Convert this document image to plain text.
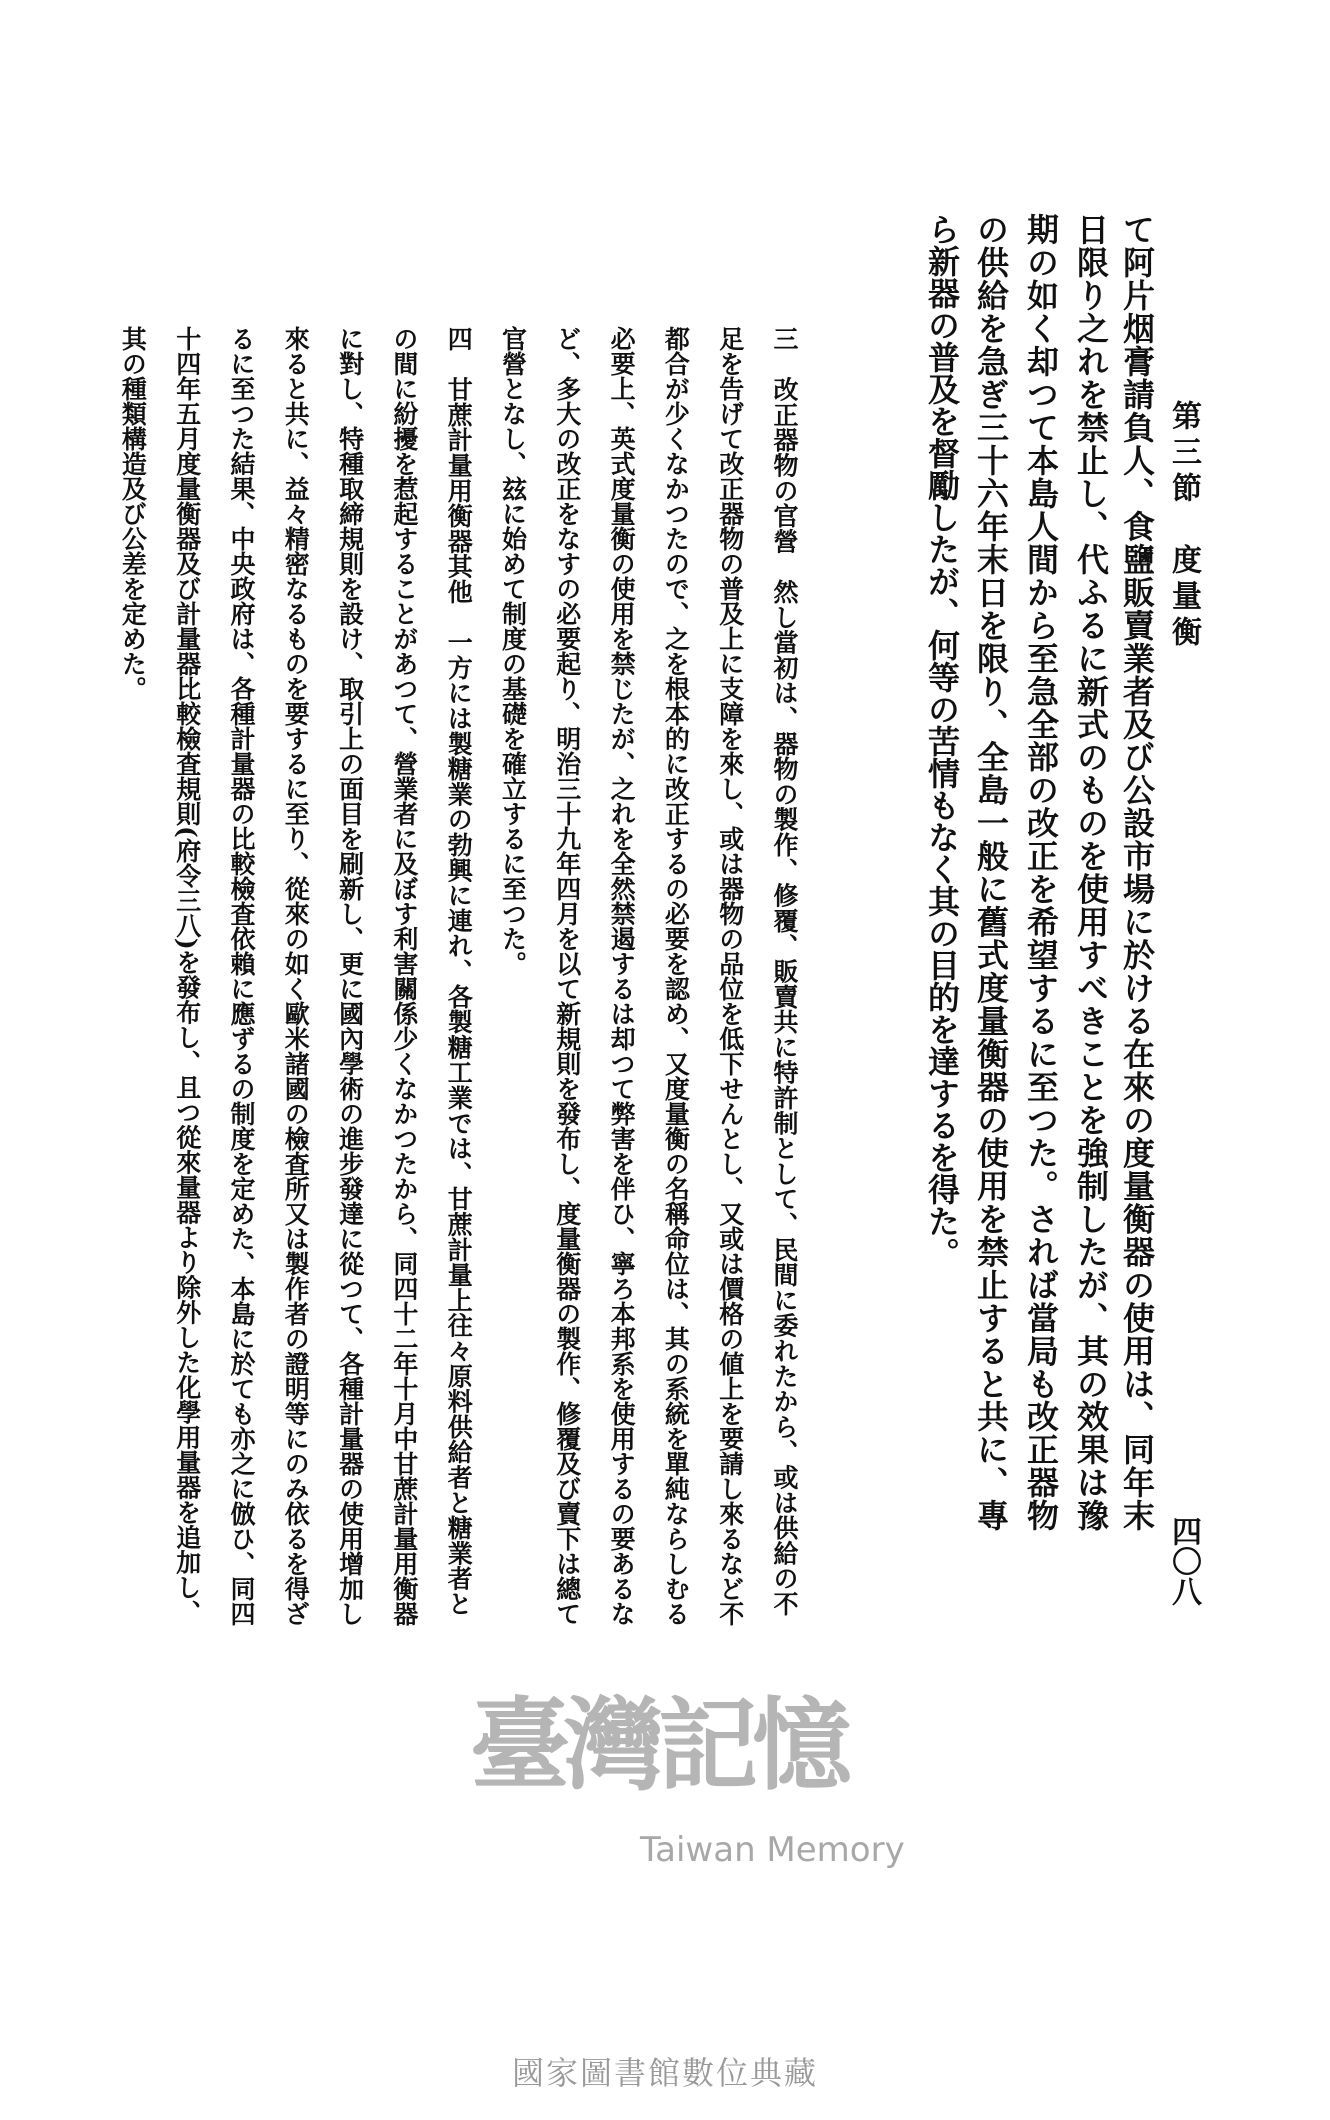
第三節　度量衡
四〇八
て阿片烟膏請負人、食鹽販賣業者及び公設市場に於ける在來の度量衡器の使用は、同年末
日限り之れを禁止し、代ふるに新式のものを使用すべきことを強制したが、其の效果は豫
期の如く却つて本島人間から至急全部の改正を希望するに至つた。されば當局も改正器物
の供給を急ぎ三十六年末日を限り、全島一般に舊式度量衡器の使用を禁止すると共に、專
ら新器の普及を督勵したが、何等の苦情もなく其の目的を達するを得た。
三　改正器物の官營　然し當初は、器物の製作、修覆、販賣共に特許制として、民間に委れたから、或は供給の不
足を告げて改正器物の普及上に支障を來し、或は器物の品位を低下せんとし、又或は價格の値上を要請し來るなど不
都合が少くなかつたので、之を根本的に改正するの必要を認め、又度量衡の名稱命位は、其の系統を單純ならしむる
必要上、英式度量衡の使用を禁じたが、之れを全然禁遏するは却つて弊害を伴ひ、寧ろ本邦系を使用するの要あるな
ど、多大の改正をなすの必要起り、明治三十九年四月を以て新規則を發布し、度量衡器の製作、修覆及び賣下は總て
官營となし、玆に始めて制度の基礎を確立するに至つた。
四　甘蔗計量用衡器其他　一方には製糖業の勃興に連れ、各製糖工業では、甘蔗計量上往々原料供給者と糖業者と
の間に紛擾を惹起することがあつて、營業者に及ぼす利害關係少くなかつたから、同四十二年十月中甘蔗計量用衡器
に對し、特種取締規則を設け、取引上の面目を刷新し、更に國內學術の進步發達に從つて、各種計量器の使用增加し
來ると共に、益々精密なるものを要するに至り、從來の如く歐米諸國の檢査所又は製作者の證明等にのみ依るを得ざ
るに至つた結果、中央政府は、各種計量器の比較檢査依賴に應ずるの制度を定めた、本島に於ても亦之に倣ひ、同四
十四年五月度量衡器及び計量器比較檢査規則(府令三八)を發布し、且つ從來量器より除外した化學用量器を追加し、
其の種類構造及び公差を定めた。
臺灣記憶
Taiwan Memory
國家圖書館數位典藏
